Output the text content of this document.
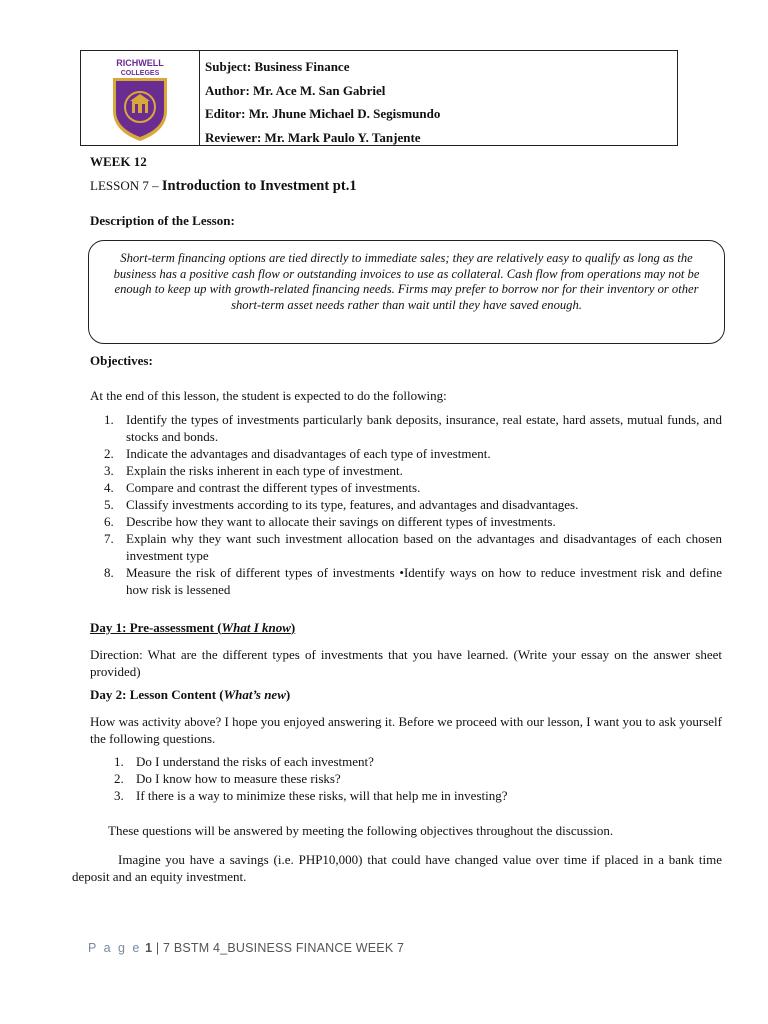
RICHWELL
COLLEGES	Subject: Business Finance
Author: Mr. Ace M. San Gabriel
Editor: Mr. Jhune Michael D. Segismundo
Reviewer: Mr. Mark Paulo Y. Tanjente
WEEK 12
LESSON 7 – Introduction to Investment pt.1
Description of the Lesson:
Short-term financing options are tied directly to immediate sales; they are relatively easy to qualify as long as the business has a positive cash flow or outstanding invoices to use as collateral. Cash flow from operations may not be enough to keep up with growth-related financing needs. Firms may prefer to borrow nor for their inventory or other short-term asset needs rather than wait until they have saved enough.
Objectives:
At the end of this lesson, the student is expected to do the following:
1. Identify the types of investments particularly bank deposits, insurance, real estate, hard assets, mutual funds, and stocks and bonds.
2. Indicate the advantages and disadvantages of each type of investment.
3. Explain the risks inherent in each type of investment.
4. Compare and contrast the different types of investments.
5. Classify investments according to its type, features, and advantages and disadvantages.
6. Describe how they want to allocate their savings on different types of investments.
7. Explain why they want such investment allocation based on the advantages and disadvantages of each chosen investment type
8. Measure the risk of different types of investments •Identify ways on how to reduce investment risk and define how risk is lessened
Day 1: Pre-assessment (What I know)
Direction: What are the different types of investments that you have learned. (Write your essay on the answer sheet provided)
Day 2: Lesson Content (What’s new)
How was activity above? I hope you enjoyed answering it. Before we proceed with our lesson, I want you to ask yourself the following questions.
1. Do I understand the risks of each investment?
2. Do I know how to measure these risks?
3. If there is a way to minimize these risks, will that help me in investing?
These questions will be answered by meeting the following objectives throughout the discussion.
Imagine you have a savings (i.e. PHP10,000) that could have changed value over time if placed in a bank time deposit and an equity investment.
P a g e 1 | 7 BSTM 4_BUSINESS FINANCE WEEK 7
